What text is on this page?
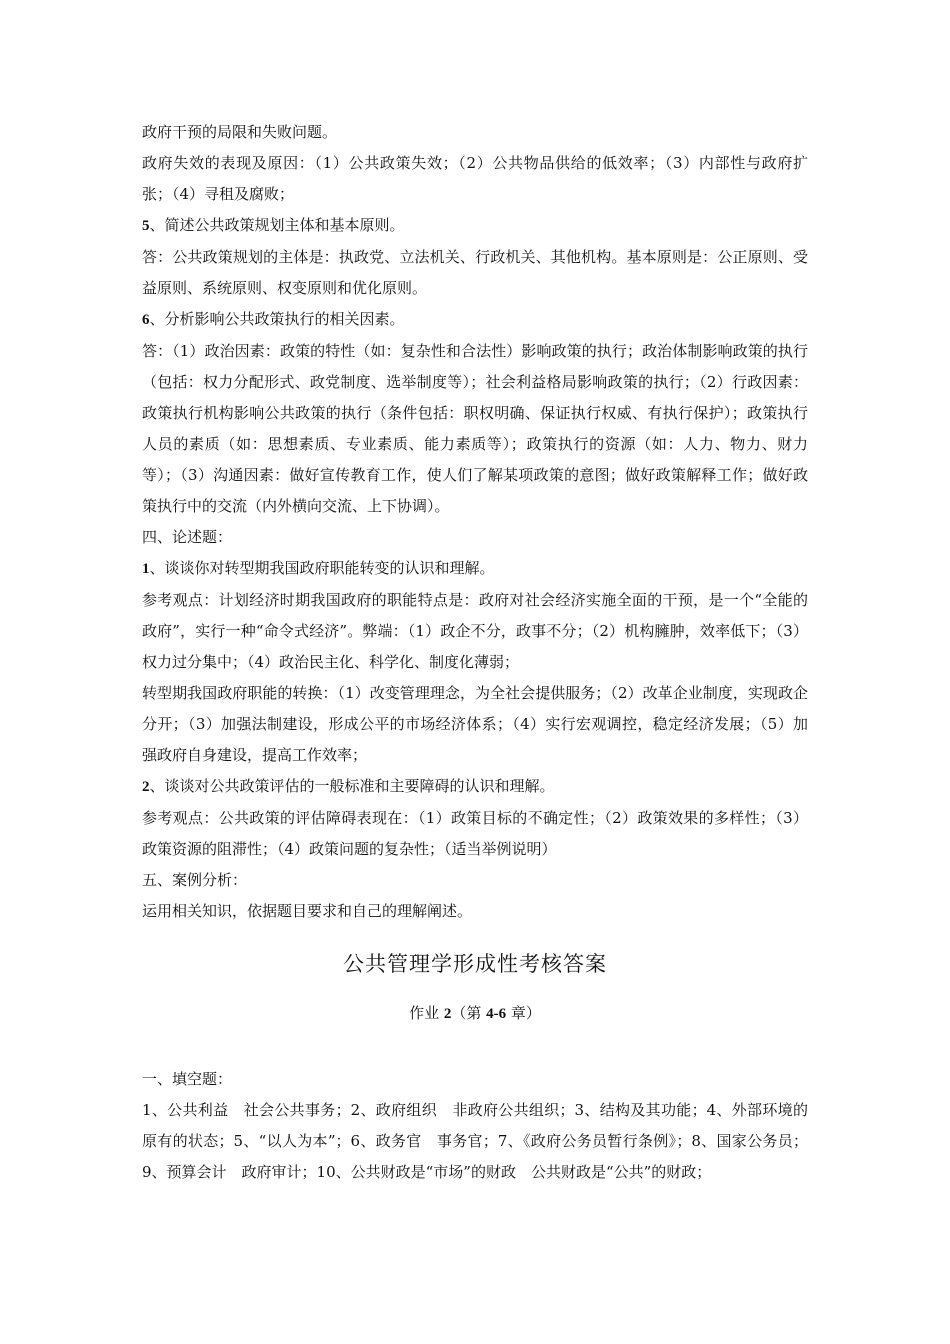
政府干预的局限和失败问题。

政府失效的表现及原因：（1）公共政策失效；（2）公共物品供给的低效率；（3）内部性与政府扩张；（4）寻租及腐败；

5、简述公共政策规划主体和基本原则。

答：公共政策规划的主体是：执政党、立法机关、行政机关、其他机构。基本原则是：公正原则、受益原则、系统原则、权变原则和优化原则。

6、分析影响公共政策执行的相关因素。

答：（1）政治因素：政策的特性（如：复杂性和合法性）影响政策的执行；政治体制影响政策的执行（包括：权力分配形式、政党制度、选举制度等）；社会利益格局影响政策的执行；（2）行政因素：政策执行机构影响公共政策的执行（条件包括：职权明确、保证执行权威、有执行保护）；政策执行人员的素质（如：思想素质、专业素质、能力素质等）；政策执行的资源（如：人力、物力、财力等）；（3）沟通因素：做好宣传教育工作，使人们了解某项政策的意图；做好政策解释工作；做好政策执行中的交流（内外横向交流、上下协调）。

四、论述题：

1、谈谈你对转型期我国政府职能转变的认识和理解。

参考观点：计划经济时期我国政府的职能特点是：政府对社会经济实施全面的干预，是一个“全能的政府”，实行一种“命令式经济”。弊端：（1）政企不分，政事不分；（2）机构臃肿，效率低下；（3）权力过分集中；（4）政治民主化、科学化、制度化薄弱；

转型期我国政府职能的转换：（1）改变管理理念，为全社会提供服务；（2）改革企业制度，实现政企分开；（3）加强法制建设，形成公平的市场经济体系；（4）实行宏观调控，稳定经济发展；（5）加强政府自身建设，提高工作效率；

2、谈谈对公共政策评估的一般标准和主要障碍的认识和理解。

参考观点：公共政策的评估障碍表现在：（1）政策目标的不确定性；（2）政策效果的多样性；（3）政策资源的阻滞性；（4）政策问题的复杂性；（适当举例说明）

五、案例分析：

运用相关知识，依据题目要求和自己的理解阐述。

公共管理学形成性考核答案
作业 2（第 4-6 章）

一、填空题：

1、公共利益　社会公共事务；2、政府组织　非政府公共组织；3、结构及其功能；4、外部环境的　原有的状态；5、“以人为本”；6、政务官　事务官；7、《政府公务员暂行条例》；8、国家公务员；9、预算会计　政府审计；10、公共财政是“市场”的财政　公共财政是“公共”的财政；
